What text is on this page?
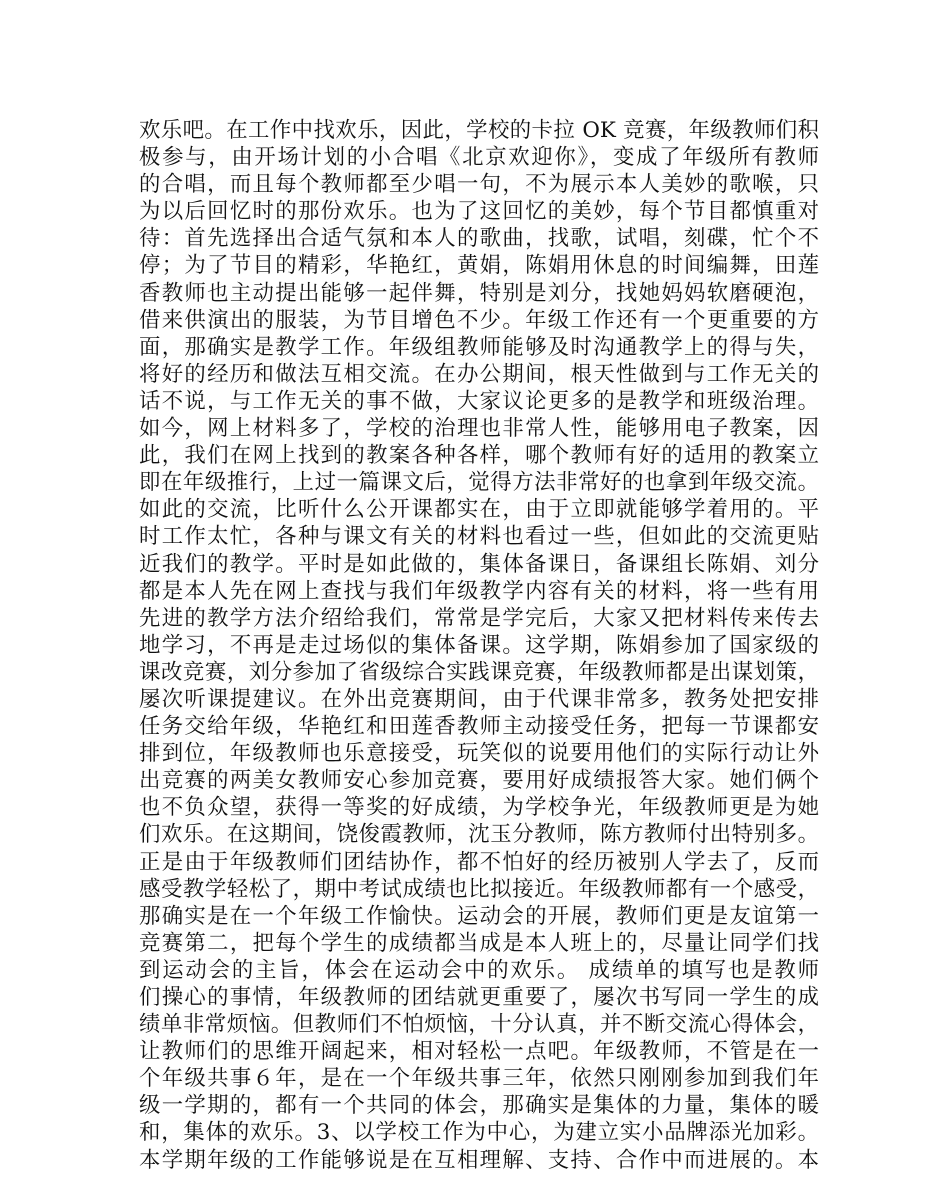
欢乐吧。在工作中找欢乐，因此，学校的卡拉 OK 竞赛，年级教师们积
极参与，由开场计划的小合唱《北京欢迎你》，变成了年级所有教师
的合唱，而且每个教师都至少唱一句，不为展示本人美妙的歌喉，只
为以后回忆时的那份欢乐。也为了这回忆的美妙，每个节目都慎重对
待：首先选择出合适气氛和本人的歌曲，找歌，试唱，刻碟，忙个不
停；为了节目的精彩，华艳红，黄娟，陈娟用休息的时间编舞，田莲
香教师也主动提出能够一起伴舞，特别是刘分，找她妈妈软磨硬泡，
借来供演出的服装，为节目增色不少。年级工作还有一个更重要的方
面，那确实是教学工作。年级组教师能够及时沟通教学上的得与失，
将好的经历和做法互相交流。在办公期间，根天性做到与工作无关的
话不说，与工作无关的事不做，大家议论更多的是教学和班级治理。
如今，网上材料多了，学校的治理也非常人性，能够用电子教案，因
此，我们在网上找到的教案各种各样，哪个教师有好的适用的教案立
即在年级推行，上过一篇课文后，觉得方法非常好的也拿到年级交流。
如此的交流，比听什么公开课都实在，由于立即就能够学着用的。平
时工作太忙，各种与课文有关的材料也看过一些，但如此的交流更贴
近我们的教学。平时是如此做的，集体备课日，备课组长陈娟、刘分
都是本人先在网上查找与我们年级教学内容有关的材料，将一些有用
先进的教学方法介绍给我们，常常是学完后，大家又把材料传来传去
地学习，不再是走过场似的集体备课。这学期，陈娟参加了国家级的
课改竞赛，刘分参加了省级综合实践课竞赛，年级教师都是出谋划策，
屡次听课提建议。在外出竞赛期间，由于代课非常多，教务处把安排
任务交给年级，华艳红和田莲香教师主动接受任务，把每一节课都安
排到位，年级教师也乐意接受，玩笑似的说要用他们的实际行动让外
出竞赛的两美女教师安心参加竞赛，要用好成绩报答大家。她们俩个
也不负众望，获得一等奖的好成绩，为学校争光，年级教师更是为她
们欢乐。在这期间，饶俊霞教师，沈玉分教师，陈方教师付出特别多。
正是由于年级教师们团结协作，都不怕好的经历被别人学去了，反而
感受教学轻松了，期中考试成绩也比拟接近。年级教师都有一个感受，
那确实是在一个年级工作愉快。运动会的开展，教师们更是友谊第一
竞赛第二，把每个学生的成绩都当成是本人班上的，尽量让同学们找
到运动会的主旨，体会在运动会中的欢乐。 成绩单的填写也是教师
们操心的事情，年级教师的团结就更重要了，屡次书写同一学生的成
绩单非常烦恼。但教师们不怕烦恼，十分认真，并不断交流心得体会，
让教师们的思维开阔起来，相对轻松一点吧。年级教师，不管是在一
个年级共事６年，是在一个年级共事三年，依然只刚刚参加到我们年
级一学期的，都有一个共同的体会，那确实是集体的力量，集体的暖
和，集体的欢乐。3、以学校工作为中心，为建立实小品牌添光加彩。
本学期年级的工作能够说是在互相理解、支持、合作中而进展的。本
